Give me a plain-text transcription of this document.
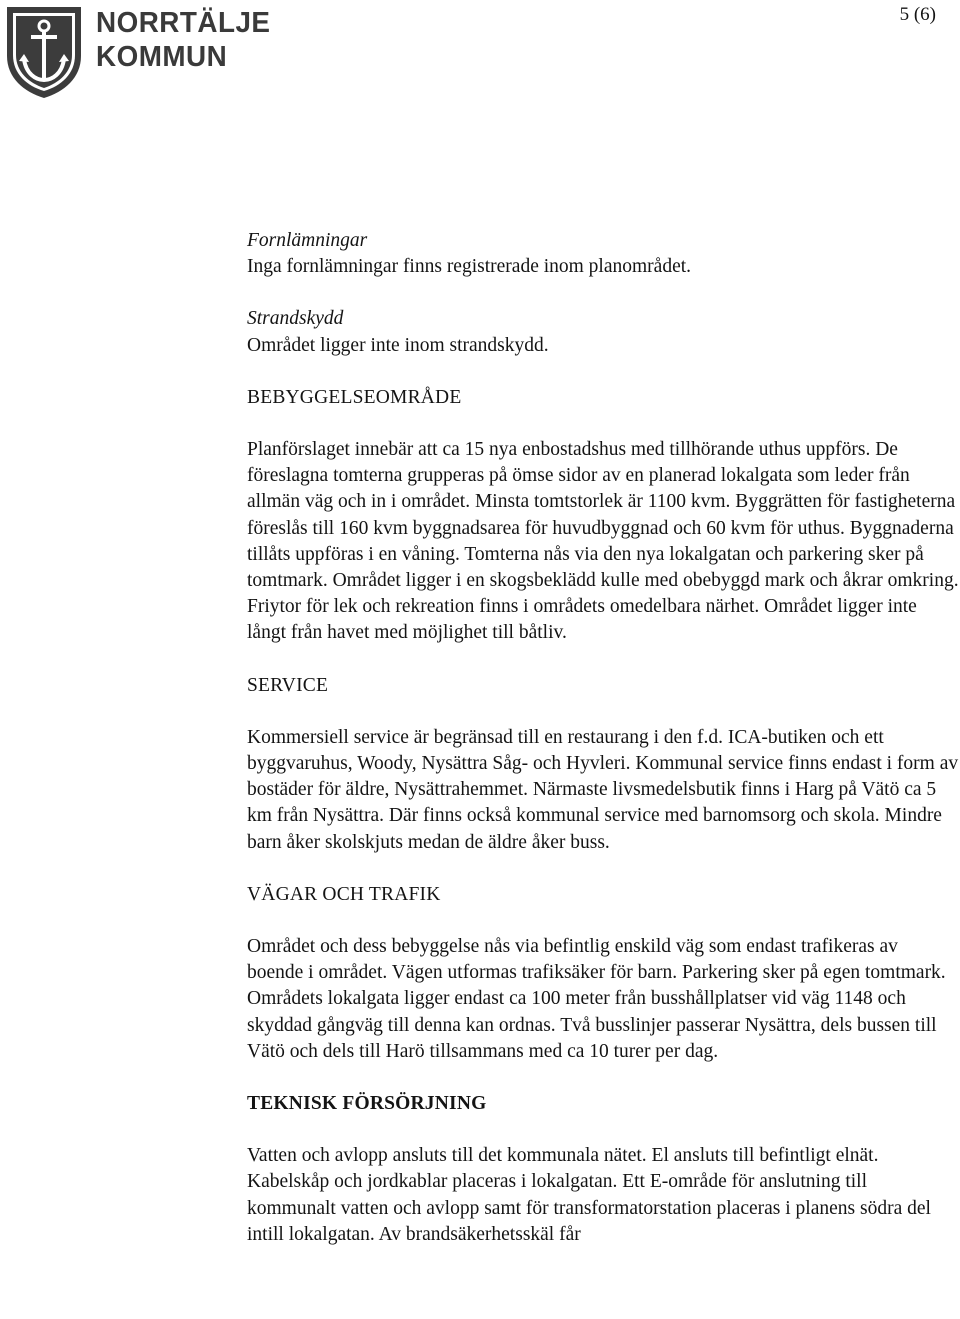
NORRTÄLJE
KOMMUN
5 (6)

Fornlämningar

Inga fornlämningar finns registrerade inom planområdet.

Strandskydd

Området ligger inte inom strandskydd.

BEBYGGELSEOMRÅDE

Planförslaget innebär att ca 15 nya enbostadshus med tillhörande uthus uppförs. De föreslagna tomterna grupperas på ömse sidor av en planerad lokalgata som leder från allmän väg och in i området. Minsta tomtstorlek är 1100 kvm. Byggrätten för fastigheterna föreslås till 160 kvm byggnadsarea för huvudbyggnad och 60 kvm för uthus. Byggnaderna tillåts uppföras i en våning. Tomterna nås via den nya lokalgatan och parkering sker på tomtmark. Området ligger i en skogsbeklädd kulle med obebyggd mark och åkrar omkring. Friytor för lek och rekreation finns i områdets omedelbara närhet. Området ligger inte långt från havet med möjlighet till båtliv.

SERVICE

Kommersiell service är begränsad till en restaurang i den f.d. ICA-butiken och ett byggvaruhus, Woody, Nysättra Såg- och Hyvleri. Kommunal service finns endast i form av bostäder för äldre, Nysättrahemmet. Närmaste livsmedelsbutik finns i Harg på Vätö ca 5 km från Nysättra. Där finns också kommunal service med barnomsorg och skola. Mindre barn åker skolskjuts medan de äldre åker buss.

VÄGAR OCH TRAFIK

Området och dess bebyggelse nås via befintlig enskild väg som endast trafikeras av boende i området. Vägen utformas trafiksäker för barn. Parkering sker på egen tomtmark. Områdets lokalgata ligger endast ca 100 meter från busshållplatser vid väg 1148 och skyddad gångväg till denna kan ordnas. Två busslinjer passerar Nysättra, dels bussen till Vätö och dels till Harö tillsammans med ca 10 turer per dag.

TEKNISK FÖRSÖRJNING

Vatten och avlopp ansluts till det kommunala nätet. El ansluts till befintligt elnät. Kabelskåp och jordkablar placeras i lokalgatan. Ett E-område för anslutning till kommunalt vatten och avlopp samt för transformatorstation placeras i planens södra del intill lokalgatan. Av brandsäkerhetsskäl får
